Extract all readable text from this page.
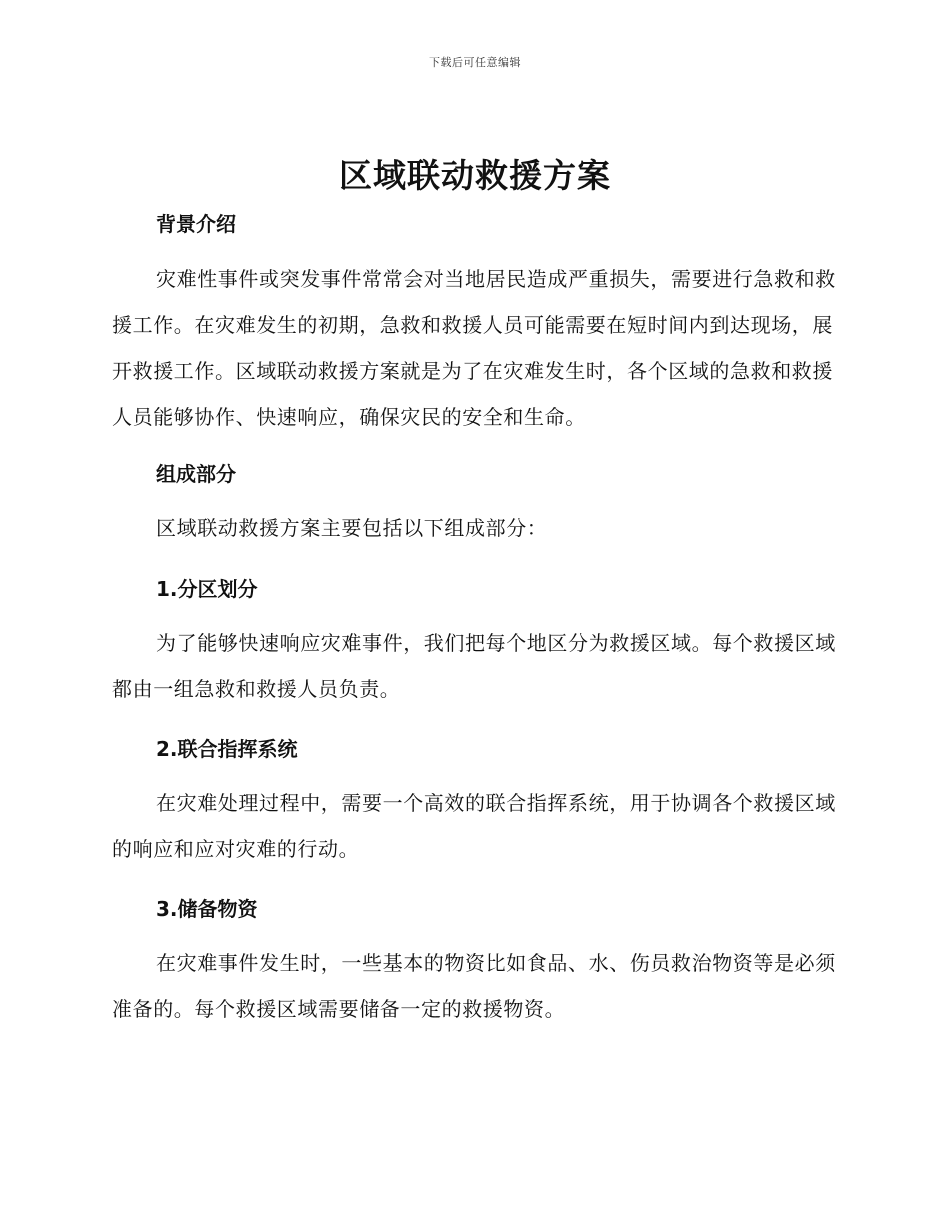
下载后可任意编辑
区域联动救援方案
背景介绍

灾难性事件或突发事件常常会对当地居民造成严重损失，需要进行急救和救援工作。在灾难发生的初期，急救和救援人员可能需要在短时间内到达现场，展开救援工作。区域联动救援方案就是为了在灾难发生时，各个区域的急救和救援人员能够协作、快速响应，确保灾民的安全和生命。

组成部分

区域联动救援方案主要包括以下组成部分：

1.分区划分

为了能够快速响应灾难事件，我们把每个地区分为救援区域。每个救援区域都由一组急救和救援人员负责。

2.联合指挥系统

在灾难处理过程中，需要一个高效的联合指挥系统，用于协调各个救援区域的响应和应对灾难的行动。

3.储备物资

在灾难事件发生时，一些基本的物资比如食品、水、伤员救治物资等是必须准备的。每个救援区域需要储备一定的救援物资。
